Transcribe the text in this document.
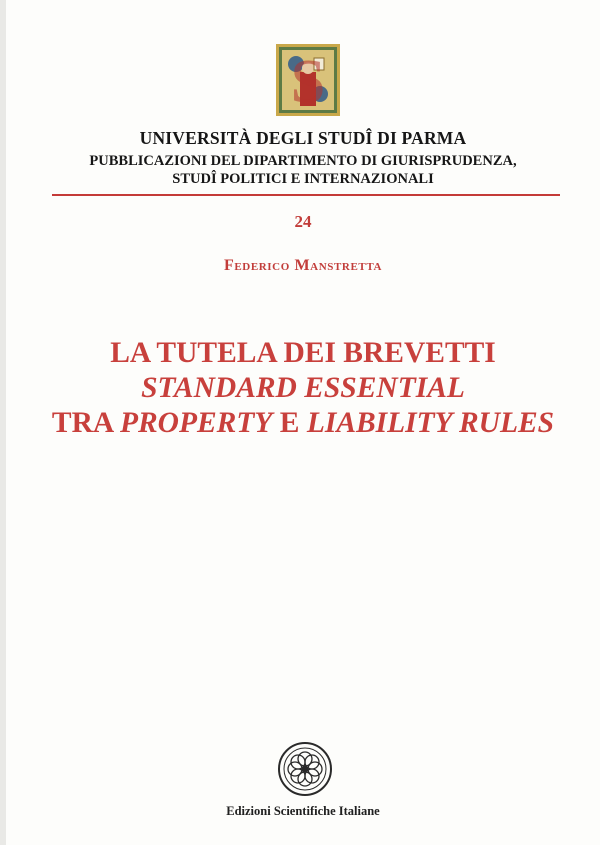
S

UNIVERSITÀ DEGLI STUDÎ DI PARMA

PUBBLICAZIONI DEL DIPARTIMENTO DI GIURISPRUDENZA,
STUDÎ POLITICI E INTERNAZIONALI

24

Federico Manstretta

LA TUTELA DEI BREVETTI
STANDARD ESSENTIAL
TRA PROPERTY E LIABILITY RULES

Edizioni Scientifiche Italiane
